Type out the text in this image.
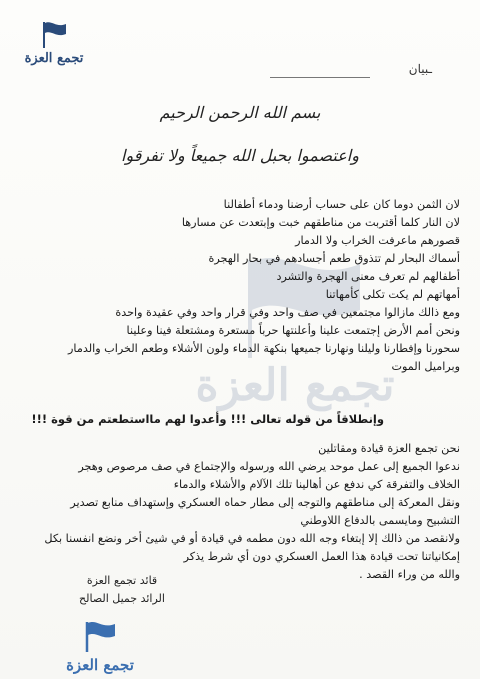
تجمع العزة
تجمع العزة
ـبيان
بسم الله الرحمن الرحيم
واعتصموا بحبل الله جميعاً ولا تفرقوا
لان الثمن دوما كان على حساب أرضنا ودماء أطفالنا
لان النار كلما أقتربت من مناطقهم خبت وإبتعدت عن مسارها
قصورهم ماعرفت الخراب ولا الدمار
أسماك البحار لم تتذوق طعم أجسادهم في بحار الهجرة
أطفالهم لم تعرف معنى الهجرة والتشرد
أمهاتهم لم يكت تكلى كأمهاتنا
ومع ذالك مازالوا مجتمعين في صف واحد وفي قرار واحد وفي عقيدة واحدة
ونحن أمم الأرض إجتمعت علينا وأعلنتها حرباً مستعرة ومشتعلة فينا وعلينا
سحورنا وإفطارنا وليلنا ونهارنا جميعها بنكهة الدماء ولون الأشلاء وطعم الخراب والدمار
وبراميل الموت
وإنطلاقاً من قوله تعالى !!! وأعدوا لهم مااستطعتم من قوة !!!
نحن تجمع العزة قيادة ومقاتلين
ندعوا الجميع إلى عمل موحد يرضي الله ورسوله والإجتماع في صف مرصوص وهجر
الخلاف والتفرقة كي ندفع عن أهالينا تلك الآلام والأشلاء والدماء
ونقل المعركة إلى مناطقهم والتوجه إلى مطار حماه العسكري وإستهداف منابع تصدير
التشبيح ومايسمى بالدفاع اللاوطني
ولانقصد من ذالك إلا إبتغاء وجه الله دون مطمه في قيادة أو في شيئ أخر ونضع انفسنا بكل
إمكانياتنا تحت قيادة هذا العمل العسكري دون أي شرط يذكر
والله من وراء القصد .
قائد تجمع العزة
الرائد جميل الصالح
تجمع العزة
